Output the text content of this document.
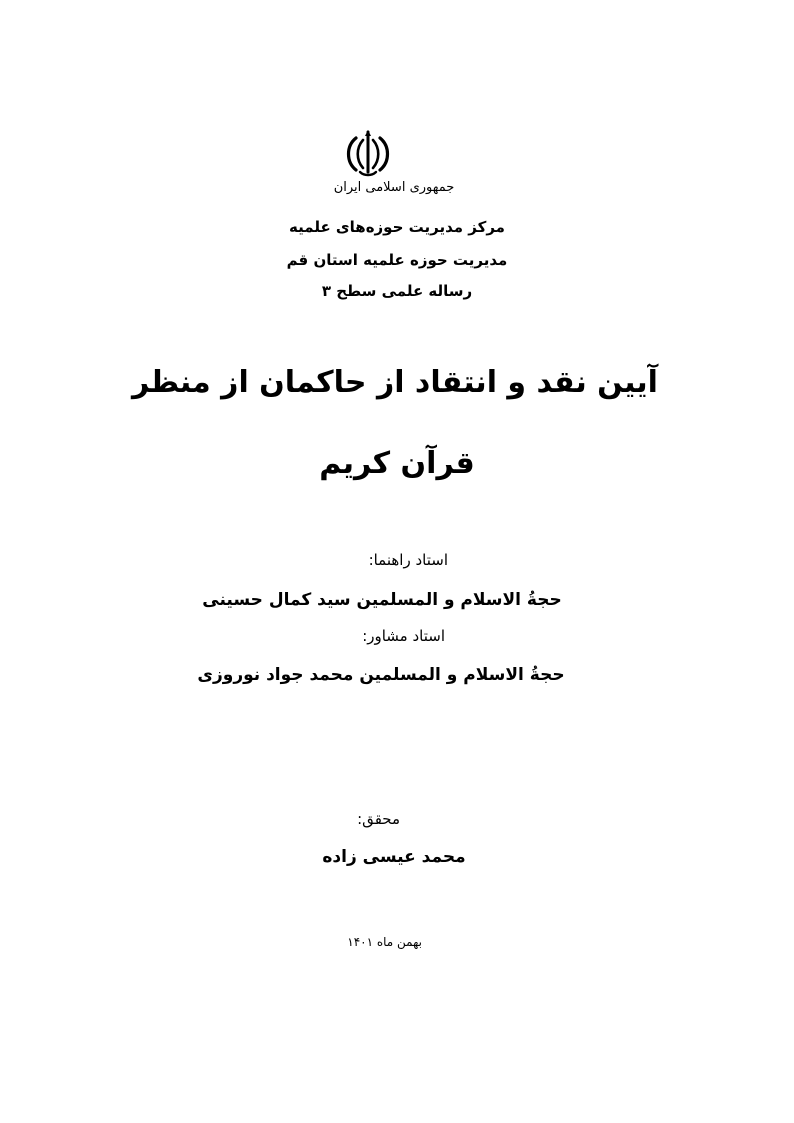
جمهوری اسلامی ایران
مرکز مدیریت حوزه‌های علمیه
مدیریت حوزه علمیه استان قم
رساله علمی سطح ۳
آیین نقد و انتقاد از حاکمان از منظر
قرآن کریم
استاد راهنما:
حجةُ الاسلام و المسلمین سید کمال حسینی
استاد مشاور:
حجةُ الاسلام و المسلمین محمد جواد نوروزی
محقق:
محمد عیسی زاده
بهمن ماه ۱۴۰۱
